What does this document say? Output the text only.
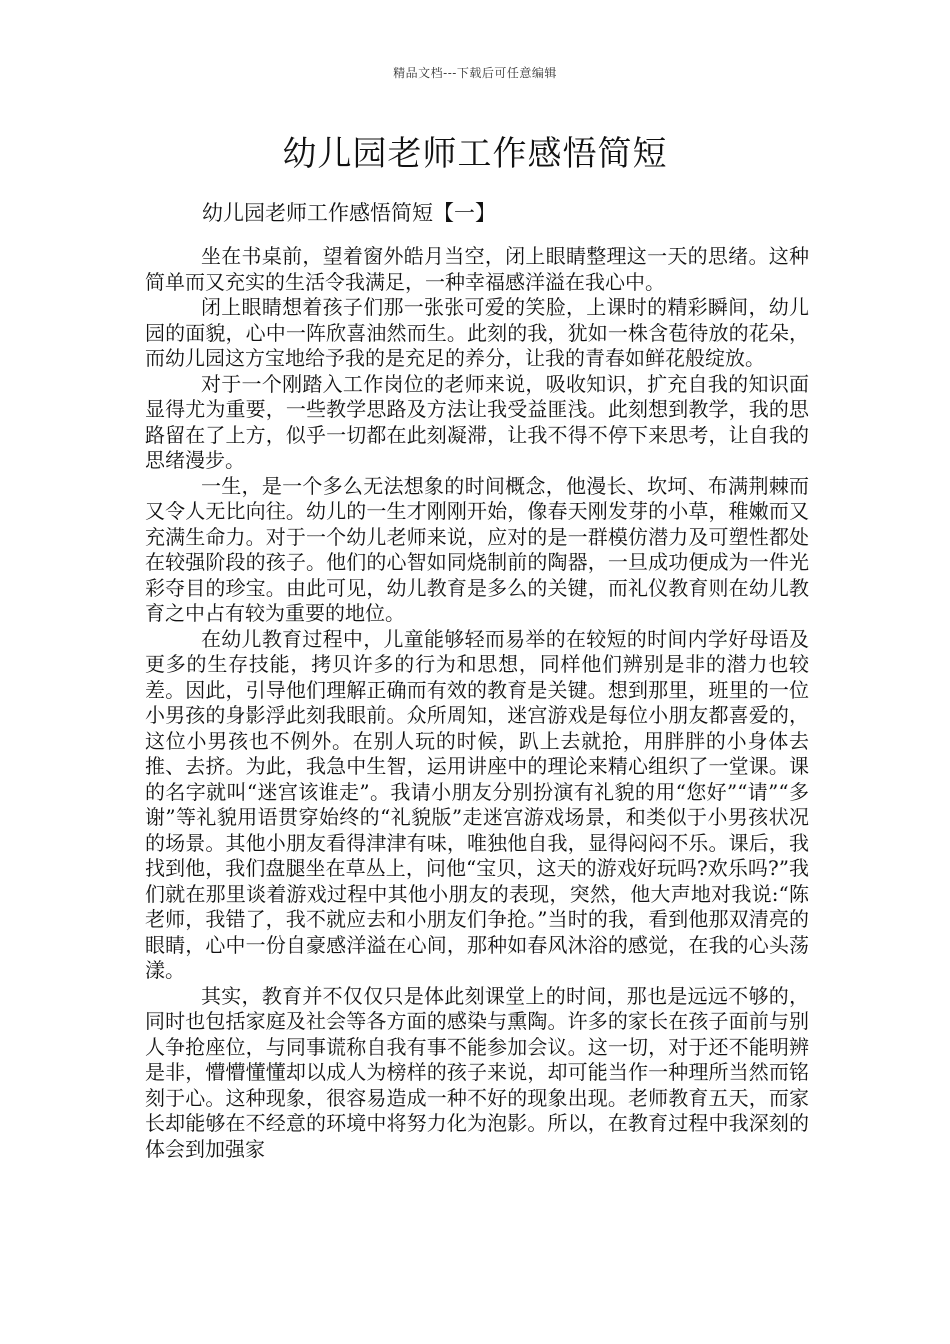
精品文档---下载后可任意编辑
幼儿园老师工作感悟简短
幼儿园老师工作感悟简短【一】

坐在书桌前，望着窗外皓月当空，闭上眼睛整理这一天的思绪。这种简单而又充实的生活令我满足，一种幸福感洋溢在我心中。

闭上眼睛想着孩子们那一张张可爱的笑脸，上课时的精彩瞬间，幼儿园的面貌，心中一阵欣喜油然而生。此刻的我，犹如一株含苞待放的花朵，而幼儿园这方宝地给予我的是充足的养分，让我的青春如鲜花般绽放。

对于一个刚踏入工作岗位的老师来说，吸收知识，扩充自我的知识面显得尤为重要，一些教学思路及方法让我受益匪浅。此刻想到教学，我的思路留在了上方，似乎一切都在此刻凝滞，让我不得不停下来思考，让自我的思绪漫步。

一生，是一个多么无法想象的时间概念，他漫长、坎坷、布满荆棘而又令人无比向往。幼儿的一生才刚刚开始，像春天刚发芽的小草，稚嫩而又充满生命力。对于一个幼儿老师来说，应对的是一群模仿潜力及可塑性都处在较强阶段的孩子。他们的心智如同烧制前的陶器，一旦成功便成为一件光彩夺目的珍宝。由此可见，幼儿教育是多么的关键，而礼仪教育则在幼儿教育之中占有较为重要的地位。

在幼儿教育过程中，儿童能够轻而易举的在较短的时间内学好母语及更多的生存技能，拷贝许多的行为和思想，同样他们辨别是非的潜力也较差。因此，引导他们理解正确而有效的教育是关键。想到那里，班里的一位小男孩的身影浮此刻我眼前。众所周知，迷宫游戏是每位小朋友都喜爱的，这位小男孩也不例外。在别人玩的时候，趴上去就抢，用胖胖的小身体去推、去挤。为此，我急中生智，运用讲座中的理论来精心组织了一堂课。课的名字就叫“迷宫该谁走”。我请小朋友分别扮演有礼貌的用“您好”“请”“多谢”等礼貌用语贯穿始终的“礼貌版”走迷宫游戏场景，和类似于小男孩状况的场景。其他小朋友看得津津有味，唯独他自我，显得闷闷不乐。课后，我找到他，我们盘腿坐在草丛上，问他“宝贝，这天的游戏好玩吗?欢乐吗?”我们就在那里谈着游戏过程中其他小朋友的表现，突然，他大声地对我说:“陈老师，我错了，我不就应去和小朋友们争抢。”当时的我，看到他那双清亮的眼睛，心中一份自豪感洋溢在心间，那种如春风沐浴的感觉，在我的心头荡漾。

其实，教育并不仅仅只是体此刻课堂上的时间，那也是远远不够的，同时也包括家庭及社会等各方面的感染与熏陶。许多的家长在孩子面前与别人争抢座位，与同事谎称自我有事不能参加会议。这一切，对于还不能明辨是非，懵懵懂懂却以成人为榜样的孩子来说，却可能当作一种理所当然而铭刻于心。这种现象，很容易造成一种不好的现象出现。老师教育五天，而家长却能够在不经意的环境中将努力化为泡影。所以，在教育过程中我深刻的体会到加强家
